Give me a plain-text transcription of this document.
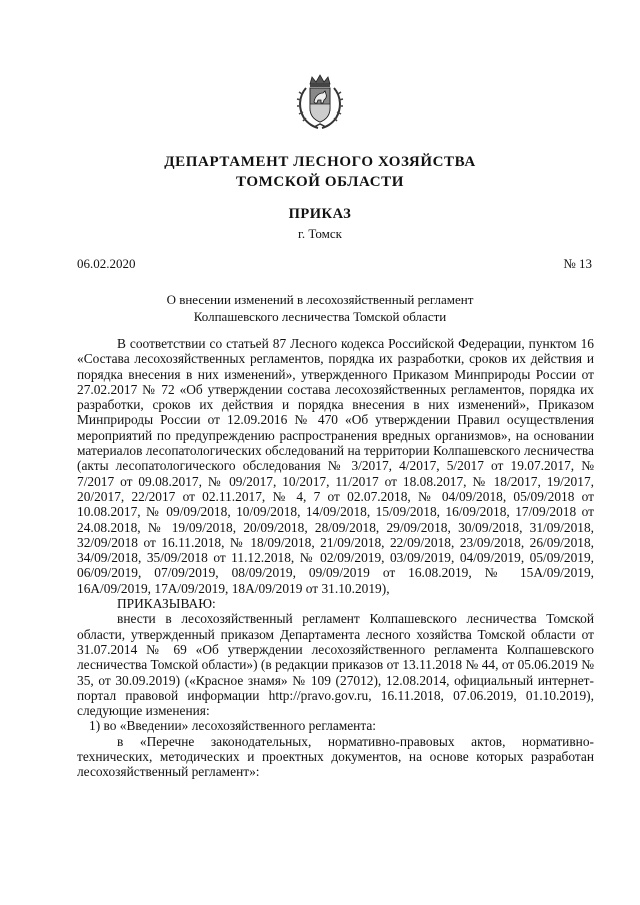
ДЕПАРТАМЕНТ ЛЕСНОГО ХОЗЯЙСТВА
ТОМСКОЙ ОБЛАСТИ
ПРИКАЗ
г. Томск
06.02.2020	№ 13
О внесении изменений в лесохозяйственный регламент
Колпашевского лесничества Томской области

В соответствии со статьей 87 Лесного кодекса Российской Федерации, пунктом 16 «Состава лесохозяйственных регламентов, порядка их разработки, сроков их действия и порядка внесения в них изменений», утвержденного Приказом Минприроды России от 27.02.2017 № 72 «Об утверждении состава лесохозяйственных регламентов, порядка их разработки, сроков их действия и порядка внесения в них изменений», Приказом Минприроды России от 12.09.2016 № 470 «Об утверждении Правил осуществления мероприятий по предупреждению распространения вредных организмов», на основании материалов лесопатологических обследований на территории Колпашевского лесничества (акты лесопатологического обследования № 3/2017, 4/2017, 5/2017 от 19.07.2017, № 7/2017 от 09.08.2017, № 09/2017, 10/2017, 11/2017 от 18.08.2017, № 18/2017, 19/2017, 20/2017, 22/2017 от 02.11.2017, № 4, 7 от 02.07.2018, № 04/09/2018, 05/09/2018 от 10.08.2017, № 09/09/2018, 10/09/2018, 14/09/2018, 15/09/2018, 16/09/2018, 17/09/2018 от 24.08.2018, № 19/09/2018, 20/09/2018, 28/09/2018, 29/09/2018, 30/09/2018, 31/09/2018, 32/09/2018 от 16.11.2018, № 18/09/2018, 21/09/2018, 22/09/2018, 23/09/2018, 26/09/2018, 34/09/2018, 35/09/2018 от 11.12.2018, № 02/09/2019, 03/09/2019, 04/09/2019, 05/09/2019, 06/09/2019, 07/09/2019, 08/09/2019, 09/09/2019 от 16.08.2019, № 15А/09/2019, 16А/09/2019, 17А/09/2019, 18А/09/2019 от 31.10.2019),

ПРИКАЗЫВАЮ:

внести в лесохозяйственный регламент Колпашевского лесничества Томской области, утвержденный приказом Департамента лесного хозяйства Томской области от 31.07.2014 № 69 «Об утверждении лесохозяйственного регламента Колпашевского лесничества Томской области») (в редакции приказов от 13.11.2018 № 44, от 05.06.2019 № 35, от 30.09.2019) («Красное знамя» № 109 (27012), 12.08.2014, официальный интернет-портал правовой информации http://pravo.gov.ru, 16.11.2018, 07.06.2019, 01.10.2019), следующие изменения:

1) во «Введении» лесохозяйственного регламента:

в «Перечне законодательных, нормативно-правовых актов, нормативно-технических, методических и проектных документов, на основе которых разработан лесохозяйственный регламент»:
